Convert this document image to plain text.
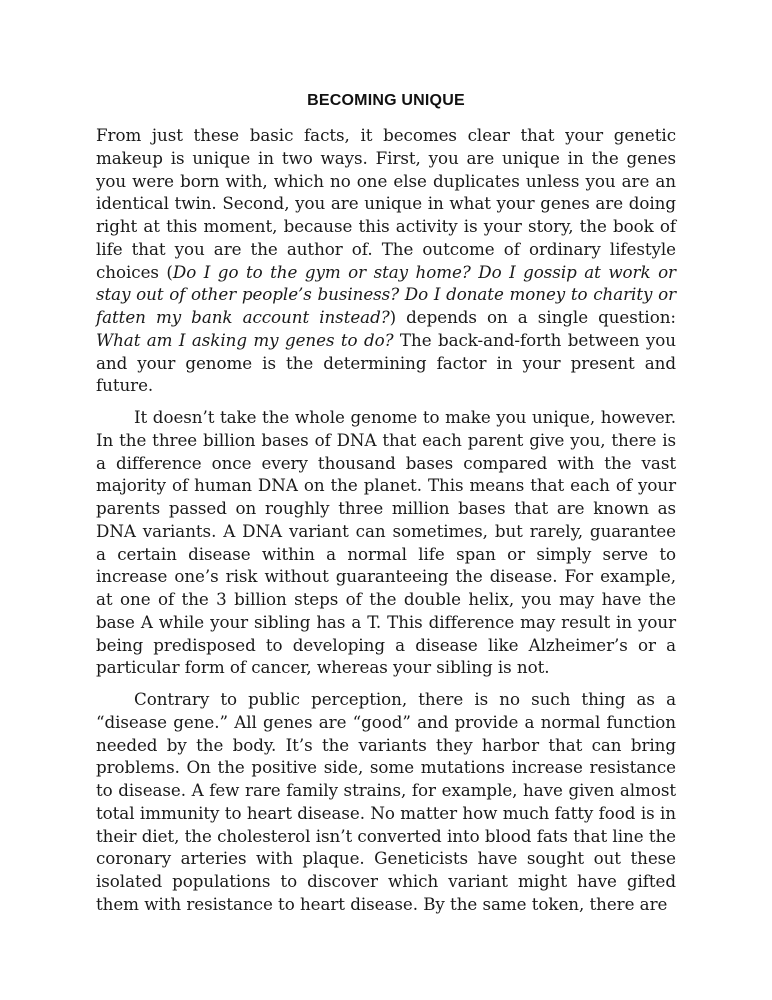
BECOMING UNIQUE

From just these basic facts, it becomes clear that your genetic makeup is unique in two ways. First, you are unique in the genes you were born with, which no one else duplicates unless you are an identical twin. Second, you are unique in what your genes are doing right at this moment, because this activity is your story, the book of life that you are the author of. The outcome of ordinary lifestyle choices (Do I go to the gym or stay home? Do I gossip at work or stay out of other people’s business? Do I donate money to charity or fatten my bank account instead?) depends on a single question: What am I asking my genes to do? The back-and-forth between you and your genome is the determining factor in your present and future.

It doesn’t take the whole genome to make you unique, however. In the three billion bases of DNA that each parent give you, there is a difference once every thousand bases compared with the vast majority of human DNA on the planet. This means that each of your parents passed on roughly three million bases that are known as DNA variants. A DNA variant can sometimes, but rarely, guarantee a certain disease within a normal life span or simply serve to increase one’s risk without guaranteeing the disease. For example, at one of the 3 billion steps of the double helix, you may have the base A while your sibling has a T. This difference may result in your being predisposed to developing a disease like Alzheimer’s or a particular form of cancer, whereas your sibling is not.

Contrary to public perception, there is no such thing as a “disease gene.” All genes are “good” and provide a normal function needed by the body. It’s the variants they harbor that can bring problems. On the positive side, some mutations increase resistance to disease. A few rare family strains, for example, have given almost total immunity to heart disease. No matter how much fatty food is in their diet, the cholesterol isn’t converted into blood fats that line the coronary arteries with plaque. Geneticists have sought out these isolated populations to discover which variant might have gifted them with resistance to heart disease. By the same token, there are
